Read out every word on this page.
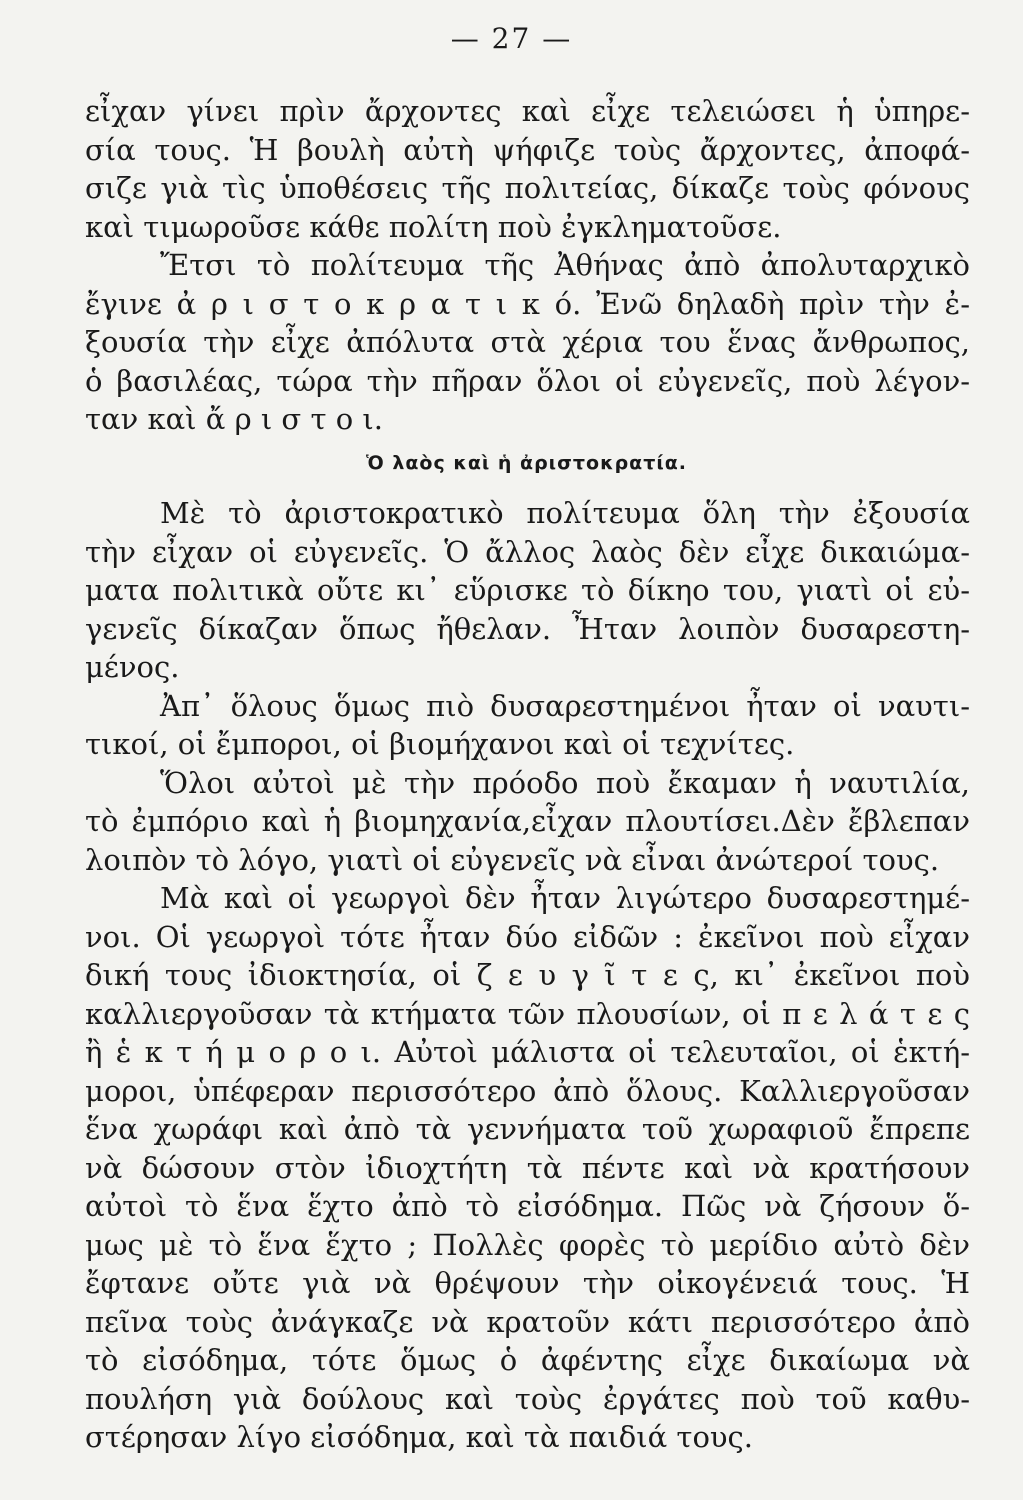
— 27 —
εἶχαν γίνει πρὶν ἄρχοντες καὶ εἶχε τελειώσει ἡ ὑπηρε-
σία τους. Ἡ βουλὴ αὐτὴ ψήφιζε τοὺς ἄρχοντες, ἀποφά-
σιζε γιὰ τὶς ὑποθέσεις τῆς πολιτείας, δίκαζε τοὺς φόνους
καὶ τιμωροῦσε κάθε πολίτη ποὺ ἐγκληματοῦσε.
Ἔτσι τὸ πολίτευμα τῆς Ἀθήνας ἀπὸ ἀπολυταρχικὸ
ἔγινε ἀ ρ ι σ τ ο κ ρ α τ ι κ ό. Ἐνῶ δηλαδὴ πρὶν τὴν ἐ-
ξουσία τὴν εἶχε ἀπόλυτα στὰ χέρια του ἕνας ἄνθρωπος,
ὁ βασιλέας, τώρα τὴν πῆραν ὅλοι οἱ εὐγενεῖς, ποὺ λέγον-
ταν καὶ ἄ ρ ι σ τ ο ι.
Ὁ λαὸς καὶ ἡ ἀριστοκρατία.
Μὲ τὸ ἀριστοκρατικὸ πολίτευμα ὅλη τὴν ἐξουσία
τὴν εἶχαν οἱ εὐγενεῖς. Ὁ ἄλλος λαὸς δὲν εἶχε δικαιώμα-
ματα πολιτικὰ οὔτε κι᾿ εὕρισκε τὸ δίκηο του, γιατὶ οἱ εὐ-
γενεῖς δίκαζαν ὅπως ἤθελαν. Ἦταν λοιπὸν δυσαρεστη-
μένος.
Ἀπ᾿ ὅλους ὅμως πιὸ δυσαρεστημένοι ἦταν οἱ ναυτι-
τικοί, οἱ ἔμποροι, οἱ βιομήχανοι καὶ οἱ τεχνίτες.
Ὅλοι αὐτοὶ μὲ τὴν πρόοδο ποὺ ἔκαμαν ἡ ναυτιλία,
τὸ ἐμπόριο καὶ ἡ βιομηχανία,εἶχαν πλουτίσει.Δὲν ἔβλεπαν
λοιπὸν τὸ λόγο, γιατὶ οἱ εὐγενεῖς νὰ εἶναι ἀνώτεροί τους.
Μὰ καὶ οἱ γεωργοὶ δὲν ἦταν λιγώτερο δυσαρεστημέ-
νοι. Οἱ γεωργοὶ τότε ἦταν δύο εἰδῶν : ἐκεῖνοι ποὺ εἶχαν
δική τους ἰδιοκτησία, οἱ ζ ε υ γ ῖ τ ε ς, κι᾿ ἐκεῖνοι ποὺ
καλλιεργοῦσαν τὰ κτήματα τῶν πλουσίων, οἱ π ε λ ά τ ε ς
ἢ ἑ κ τ ή μ ο ρ ο ι. Αὐτοὶ μάλιστα οἱ τελευταῖοι, οἱ ἑκτή-
μοροι, ὑπέφεραν περισσότερο ἀπὸ ὅλους. Καλλιεργοῦσαν
ἕνα χωράφι καὶ ἀπὸ τὰ γεννήματα τοῦ χωραφιοῦ ἔπρεπε
νὰ δώσουν στὸν ἰδιοχτήτη τὰ πέντε καὶ νὰ κρατήσουν
αὐτοὶ τὸ ἕνα ἕχτο ἀπὸ τὸ εἰσόδημα. Πῶς νὰ ζήσουν ὅ-
μως μὲ τὸ ἕνα ἕχτο ; Πολλὲς φορὲς τὸ μερίδιο αὐτὸ δὲν
ἔφτανε οὔτε γιὰ νὰ θρέψουν τὴν οἰκογένειά τους. Ἡ
πεῖνα τοὺς ἀνάγκαζε νὰ κρατοῦν κάτι περισσότερο ἀπὸ
τὸ εἰσόδημα, τότε ὅμως ὁ ἀφέντης εἶχε δικαίωμα νὰ
πουλήση γιὰ δούλους καὶ τοὺς ἐργάτες ποὺ τοῦ καθυ-
στέρησαν λίγο εἰσόδημα, καὶ τὰ παιδιά τους.
